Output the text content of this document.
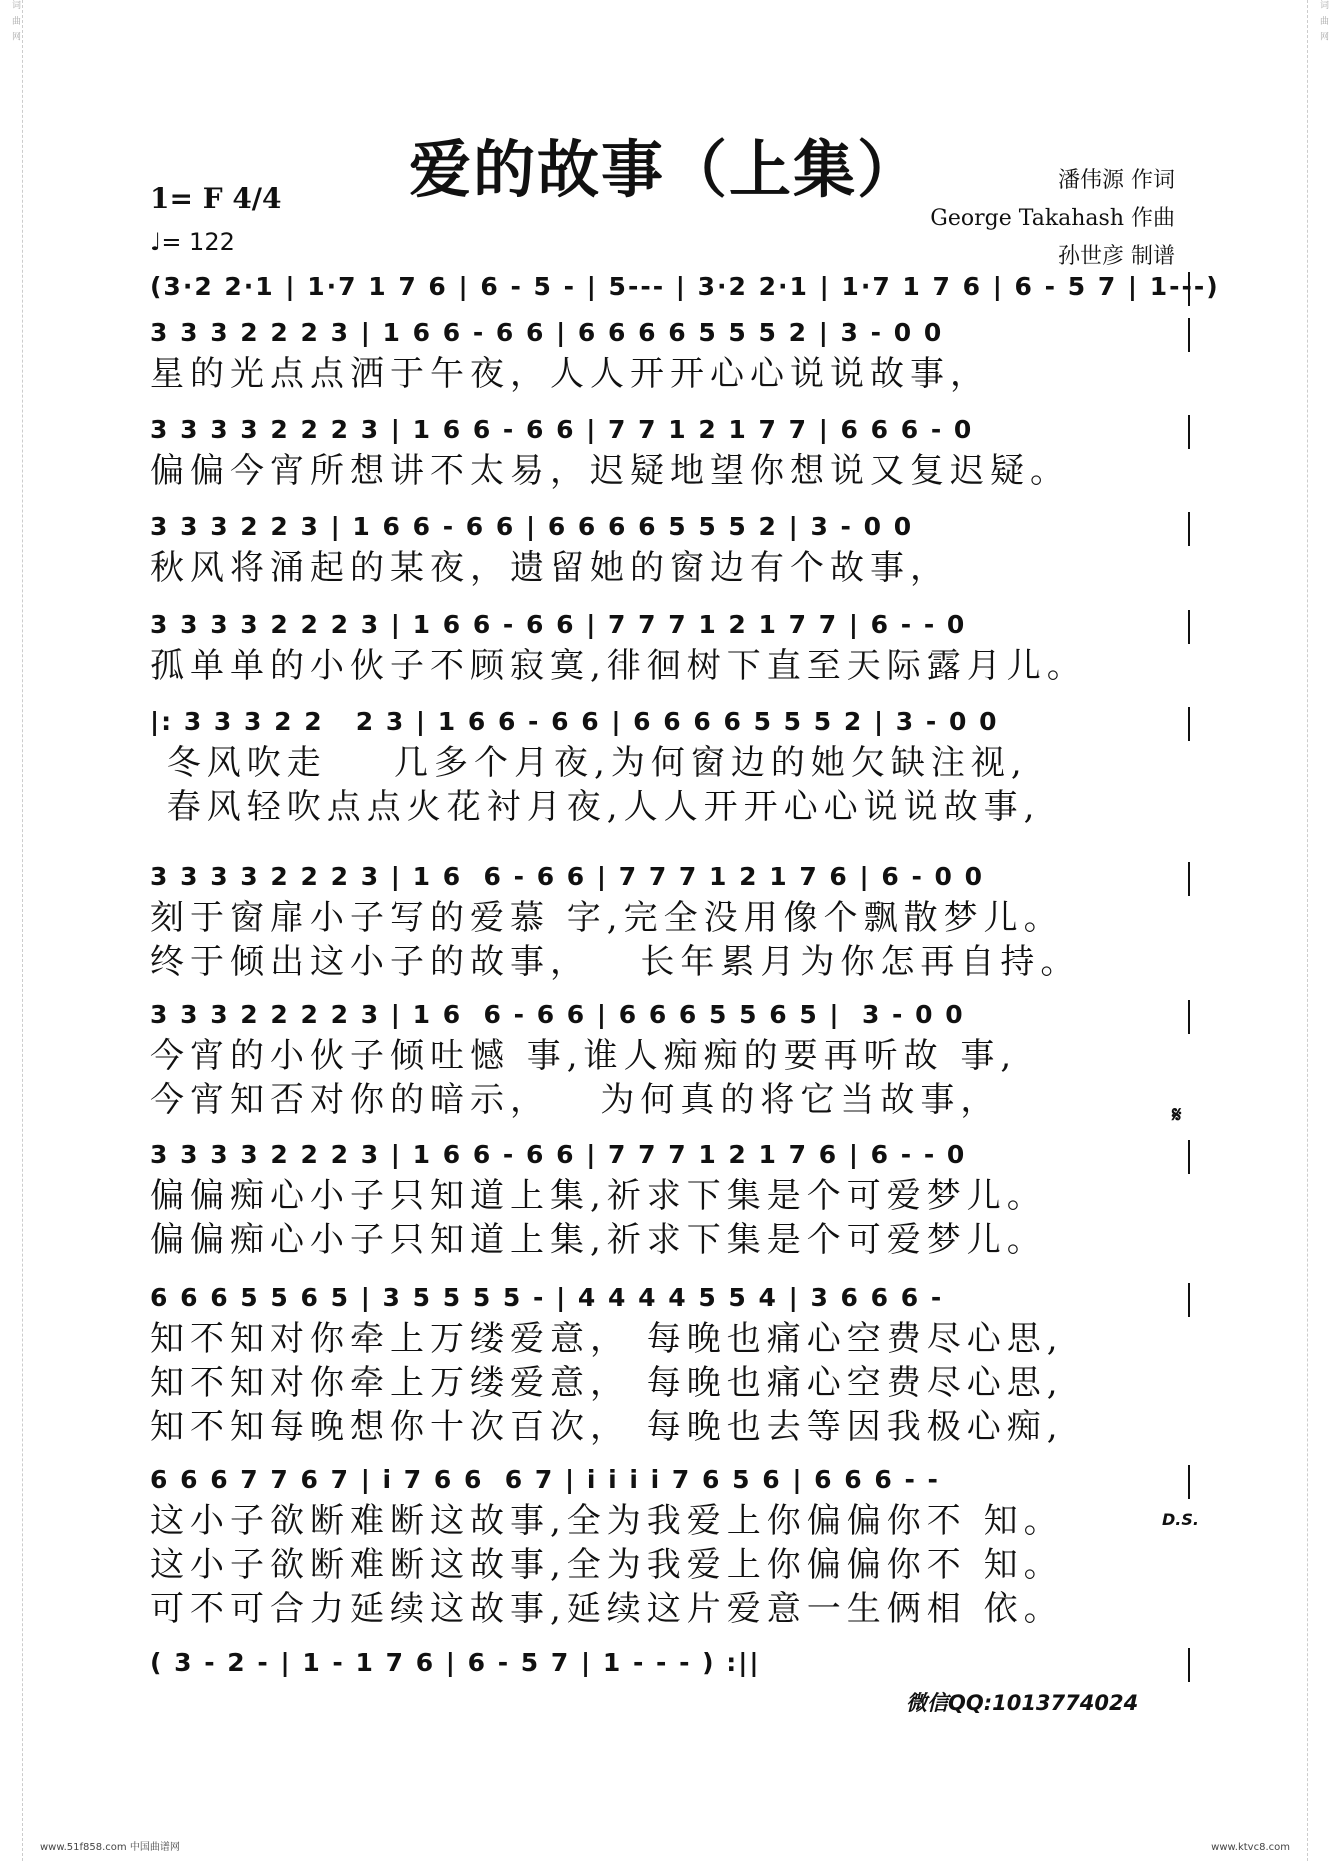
词 曲 网	词 曲 网
爱的故事（上集）
1= F 4/4
♩= 122
潘伟源 作词
George Takahash 作曲
孙世彦 制谱
(3·2 2·1 | 1·7 1 7 6 | 6 - 5 - | 5--- | 3·2 2·1 | 1·7 1 7 6 | 6 - 5 7 | 1---)
3 3 3 2 2 2 3 | 1 6 6 - 6 6 | 6 6 6 6 5 5 5 2 | 3 - 0 0
星的光点点洒于午夜，人人开开心心说说故事，
3 3 3 3 2 2 2 3 | 1 6 6 - 6 6 | 7 7 1 2 1 7 7 | 6 6 6 - 0
偏偏今宵所想讲不太易，迟疑地望你想说又复迟疑。
3 3 3 2 2 3 | 1 6 6 - 6 6 | 6 6 6 6 5 5 5 2 | 3 - 0 0
秋风将涌起的某夜，遗留她的窗边有个故事，
3 3 3 3 2 2 2 3 | 1 6 6 - 6 6 | 7 7 7 1 2 1 7 7 | 6 - - 0
孤单单的小伙子不顾寂寞,徘徊树下直至天际露月儿。
|: 3 3 3 2 2   2 3 | 1 6 6 - 6 6 | 6 6 6 6 5 5 5 2 | 3 - 0 0
冬风吹走    几多个月夜,为何窗边的她欠缺注视,
春风轻吹点点火花衬月夜,人人开开心心说说故事,
3 3 3 3 2 2 2 3 | 1 6  6 - 6 6 | 7 7 7 1 2 1 7 6 | 6 - 0 0
刻于窗扉小子写的爱慕 字,完全没用像个飘散梦儿。
终于倾出这小子的故事，   长年累月为你怎再自持。
3 3 3 2 2 2 2 3 | 1 6  6 - 6 6 | 6 6 6 5 5 6 5 |  3 - 0 0
今宵的小伙子倾吐憾 事,谁人痴痴的要再听故 事,
今宵知否对你的暗示，   为何真的将它当故事，
3 3 3 3 2 2 2 3 | 1 6 6 - 6 6 | 7 7 7 1 2 1 7 6 | 6 - - 0
偏偏痴心小子只知道上集,祈求下集是个可爱梦儿。
偏偏痴心小子只知道上集,祈求下集是个可爱梦儿。
6 6 6 5 5 6 5 | 3 5 5 5 5 - | 4 4 4 4 5 5 4 | 3 6 6 6 -
知不知对你牵上万缕爱意， 每晚也痛心空费尽心思,
知不知对你牵上万缕爱意， 每晚也痛心空费尽心思,
知不知每晚想你十次百次， 每晚也去等因我极心痴,
6 6 6 7 7 6 7 | i 7 6 6  6 7 | i i i i 7 6 5 6 | 6 6 6 - -
这小子欲断难断这故事,全为我爱上你偏偏你不 知。
这小子欲断难断这故事,全为我爱上你偏偏你不 知。
可不可合力延续这故事,延续这片爱意一生俩相 依。
( 3 - 2 - | 1 - 1 7 6 | 6 - 5 7 | 1 - - - ) :||
𝄋
D.S.
微信QQ:1013774024
www.51f858.com 中国曲谱网	www.ktvc8.com
